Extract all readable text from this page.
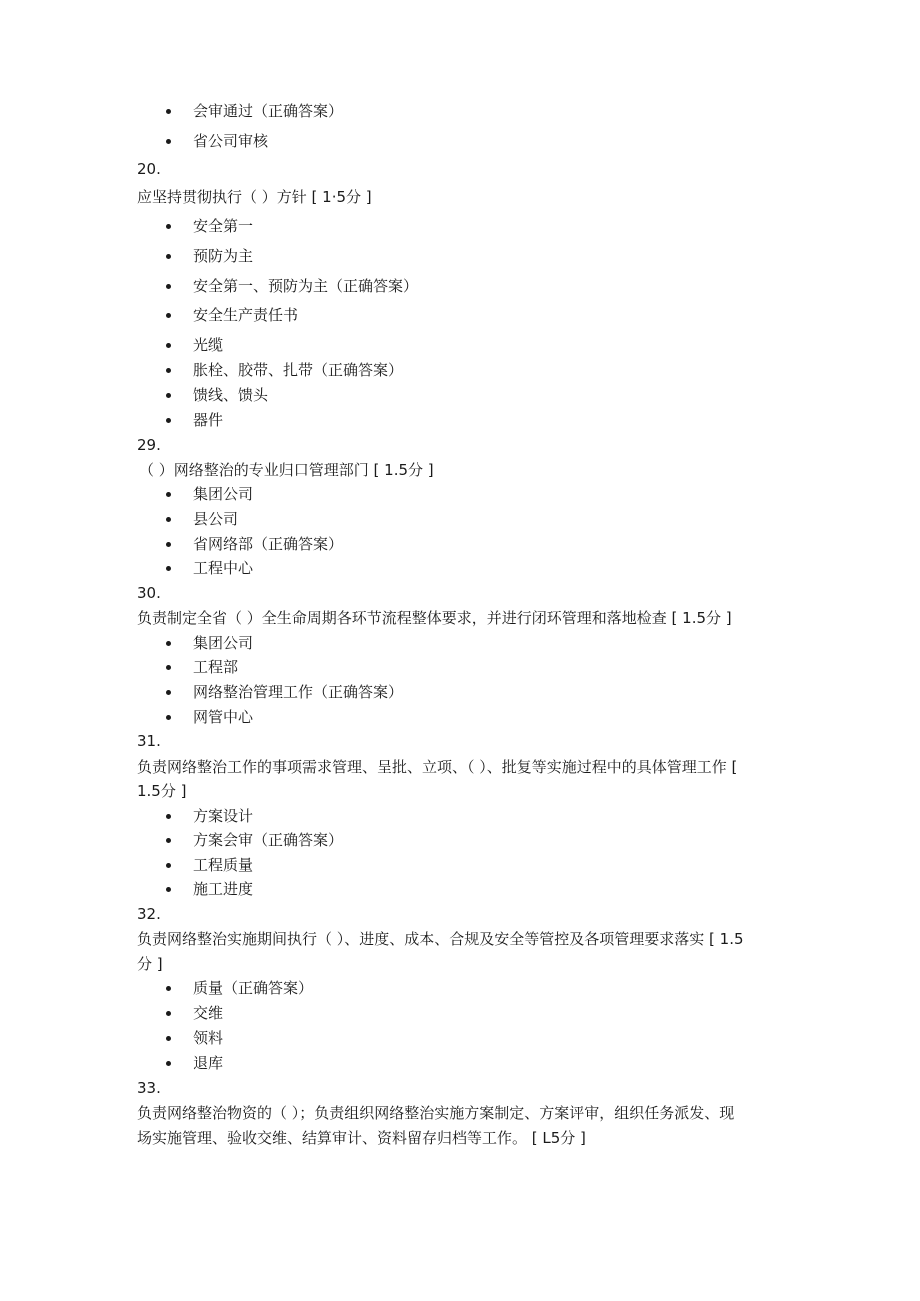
会审通过（正确答案）
省公司审核
20.
应坚持贯彻执行（ ）方针 [ 1·5分 ]
安全第一
预防为主
安全第一、预防为主（正确答案）
安全生产责任书
光缆
胀栓、胶带、扎带（正确答案）
馈线、馈头
器件
29.
（ ）网络整治的专业归口管理部门 [ 1.5分 ]
集团公司
县公司
省网络部（正确答案）
工程中心
30.
负责制定全省（ ）全生命周期各环节流程整体要求，并进行闭环管理和落地检查 [ 1.5分 ]
集团公司
工程部
网络整治管理工作（正确答案）
网管中心
31.
负责网络整治工作的事项需求管理、呈批、立项、（ ）、批复等实施过程中的具体管理工作 [
1.5分 ]
方案设计
方案会审（正确答案）
工程质量
施工进度
32.
负责网络整治实施期间执行（ ）、进度、成本、合规及安全等管控及各项管理要求落实 [ 1.5
分 ]
质量（正确答案）
交维
领料
退库
33.
负责网络整治物资的（ ）；负责组织网络整治实施方案制定、方案评审，组织任务派发、现
场实施管理、验收交维、结算审计、资料留存归档等工作。 [ L5分 ]
